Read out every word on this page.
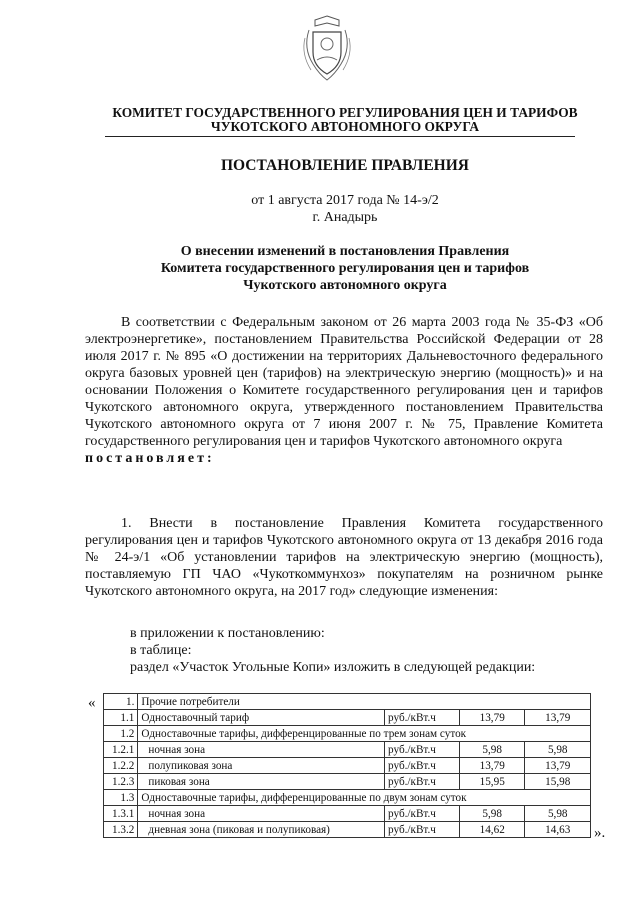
КОМИТЕТ ГОСУДАРСТВЕННОГО РЕГУЛИРОВАНИЯ ЦЕН И ТАРИФОВ
ЧУКОТСКОГО АВТОНОМНОГО ОКРУГА
ПОСТАНОВЛЕНИЕ ПРАВЛЕНИЯ
от 1 августа 2017 года № 14-э/2
г. Анадырь
О внесении изменений в постановления Правления
Комитета государственного регулирования цен и тарифов
Чукотского автономного округа

В соответствии с Федеральным законом от 26 марта 2003 года № 35-ФЗ «Об электроэнергетике», постановлением Правительства Российской Федерации от 28 июля 2017 г. № 895 «О достижении на территориях Дальневосточного федерального округа базовых уровней цен (тарифов) на электрическую энергию (мощность)» и на основании Положения о Комитете государственного регулирования цен и тарифов Чукотского автономного округа, утвержденного постановлением Правительства Чукотского автономного округа от 7 июня 2007 г. № 75, Правление Комитета государственного регулирования цен и тарифов Чукотского автономного округа

постановляет:

1. Внести в постановление Правления Комитета государственного регулирования цен и тарифов Чукотского автономного округа от 13 декабря 2016 года № 24-э/1 «Об установлении тарифов на электрическую энергию (мощность), поставляемую ГП ЧАО «Чукоткоммунхоз» покупателям на розничном рынке Чукотского автономного округа, на 2017 год» следующие изменения:

в приложении к постановлению:
в таблице:
раздел «Участок Угольные Копи» изложить в следующей редакции:
«	1.	Прочие потребители			
1.1	Одноставочный тариф	руб./кВт.ч	13,79	13,79
1.2	Одноставочные тарифы, дифференцированные по трем зонам суток			
1.2.1	ночная зона	руб./кВт.ч	5,98	5,98
1.2.2	полупиковая зона	руб./кВт.ч	13,79	13,79
1.2.3	пиковая зона	руб./кВт.ч	15,95	15,98
1.3	Одноставочные тарифы, дифференцированные по двум зонам суток			
1.3.1	ночная зона	руб./кВт.ч	5,98	5,98
1.3.2	дневная зона (пиковая и полупиковая)	руб./кВт.ч	14,62	14,63 ».
